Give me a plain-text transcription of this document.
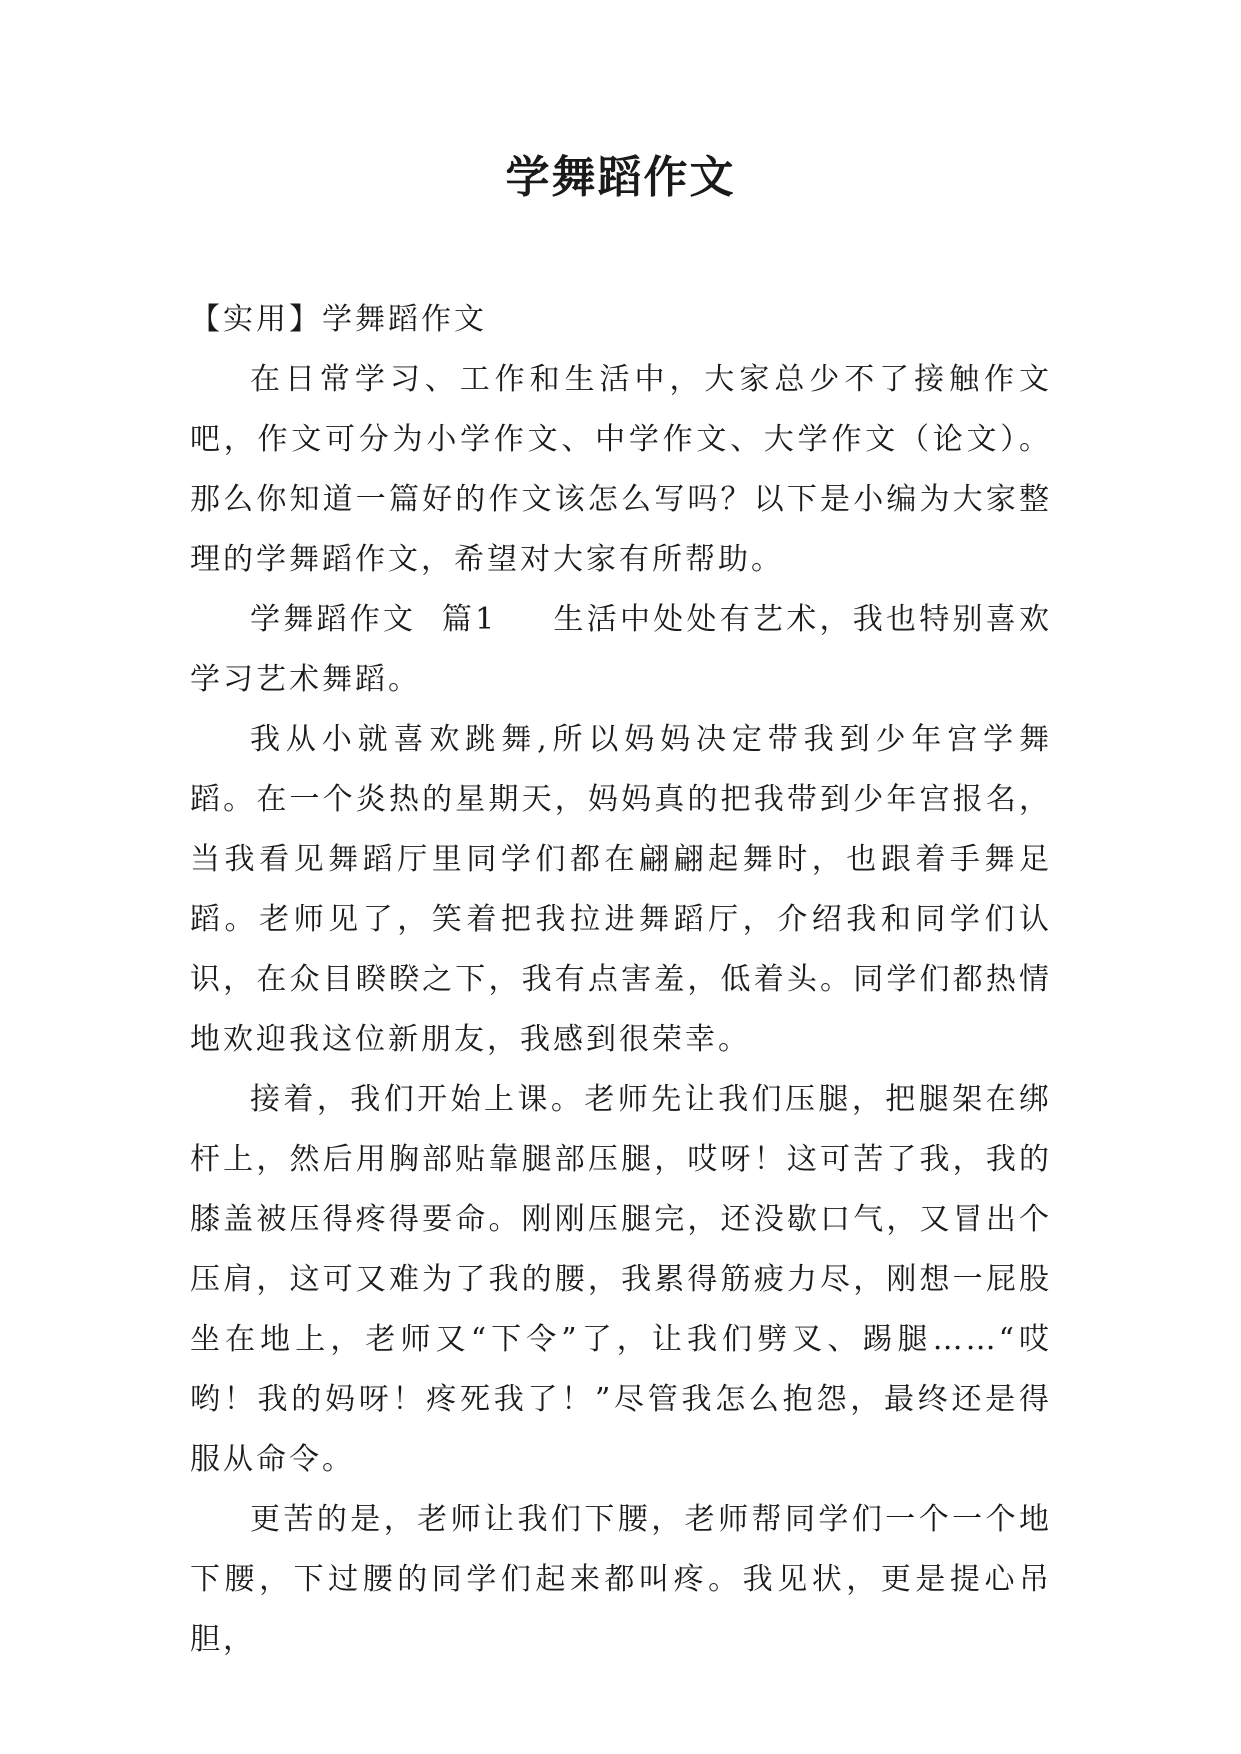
学舞蹈作文

【实用】学舞蹈作文

在日常学习、工作和生活中，大家总少不了接触作文吧，作文可分为小学作文、中学作文、大学作文（论文）。那么你知道一篇好的作文该怎么写吗？以下是小编为大家整理的学舞蹈作文，希望对大家有所帮助。

学舞蹈作文  篇1 生活中处处有艺术，我也特别喜欢学习艺术舞蹈。

我从小就喜欢跳舞,所以妈妈决定带我到少年宫学舞蹈。在一个炎热的星期天，妈妈真的把我带到少年宫报名，当我看见舞蹈厅里同学们都在翩翩起舞时，也跟着手舞足蹈。老师见了，笑着把我拉进舞蹈厅，介绍我和同学们认识，在众目睽睽之下，我有点害羞，低着头。同学们都热情地欢迎我这位新朋友，我感到很荣幸。

接着，我们开始上课。老师先让我们压腿，把腿架在绑杆上，然后用胸部贴靠腿部压腿，哎呀！这可苦了我，我的膝盖被压得疼得要命。刚刚压腿完，还没歇口气，又冒出个压肩，这可又难为了我的腰，我累得筋疲力尽，刚想一屁股坐在地上，老师又“下令”了，让我们劈叉、踢腿……“哎哟！我的妈呀！疼死我了！”尽管我怎么抱怨，最终还是得服从命令。

更苦的是，老师让我们下腰，老师帮同学们一个一个地下腰，下过腰的同学们起来都叫疼。我见状，更是提心吊胆，
